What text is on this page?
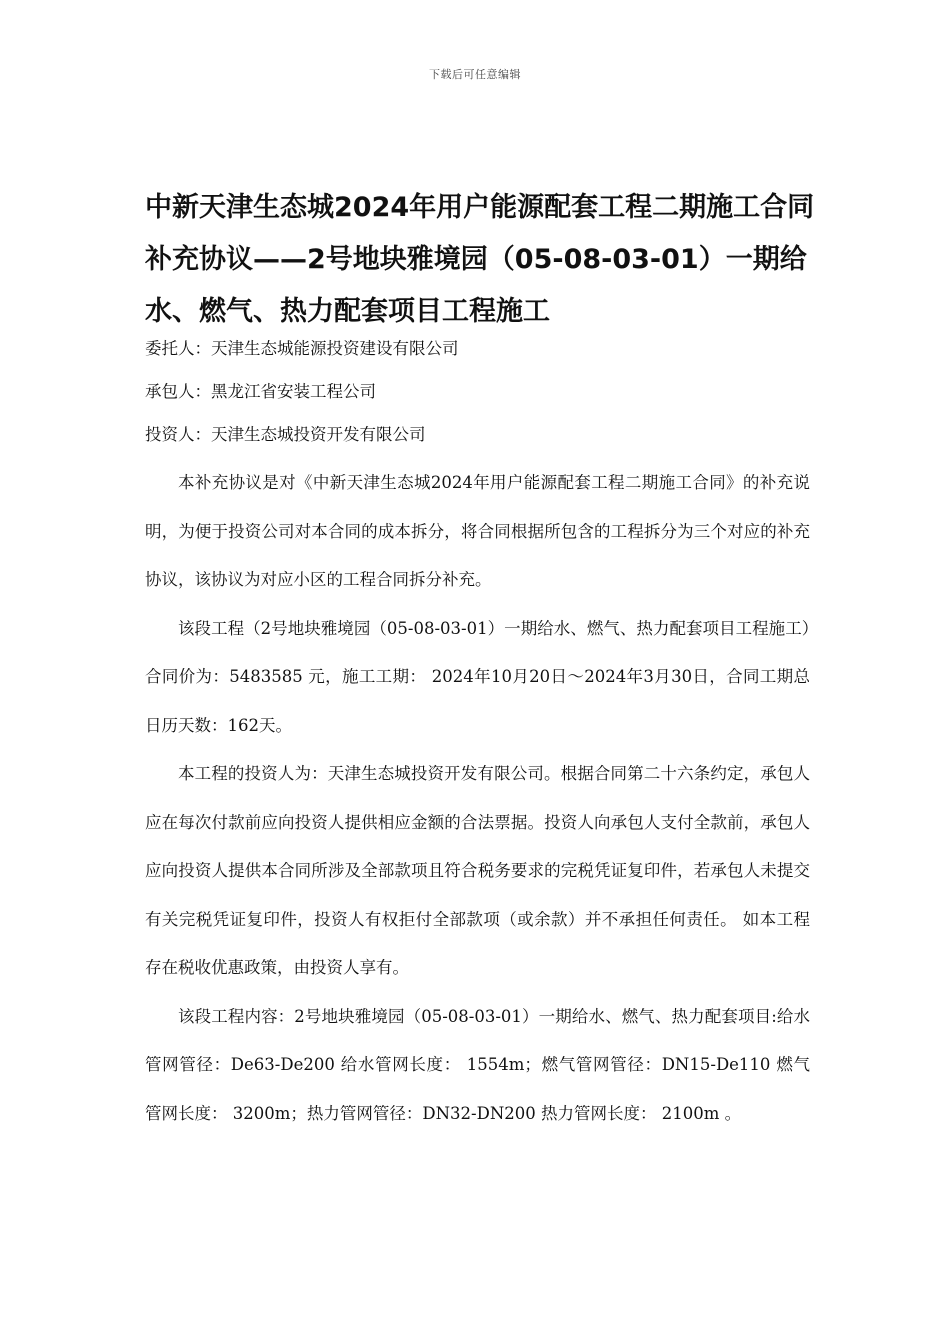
下载后可任意编辑
中新天津生态城2024年用户能源配套工程二期施工合同补充协议——2号地块雅境园（05-08-03-01）一期给水、燃气、热力配套项目工程施工
委托人：天津生态城能源投资建设有限公司
承包人：黑龙江省安装工程公司
投资人：天津生态城投资开发有限公司

本补充协议是对《中新天津生态城2024年用户能源配套工程二期施工合同》的补充说明，为便于投资公司对本合同的成本拆分，将合同根据所包含的工程拆分为三个对应的补充协议，该协议为对应小区的工程合同拆分补充。

该段工程（2号地块雅境园（05-08-03-01）一期给水、燃气、热力配套项目工程施工）合同价为：5483585 元，施工工期： 2024年10月20日～2024年3月30日，合同工期总日历天数：162天。

本工程的投资人为：天津生态城投资开发有限公司。根据合同第二十六条约定，承包人应在每次付款前应向投资人提供相应金额的合法票据。投资人向承包人支付全款前，承包人应向投资人提供本合同所涉及全部款项且符合税务要求的完税凭证复印件，若承包人未提交有关完税凭证复印件，投资人有权拒付全部款项（或余款）并不承担任何责任。 如本工程存在税收优惠政策，由投资人享有。

该段工程内容：2号地块雅境园（05-08-03-01）一期给水、燃气、热力配套项目:给水管网管径：De63-De200 给水管网长度： 1554m；燃气管网管径：DN15-De110 燃气管网长度： 3200m；热力管网管径：DN32-DN200 热力管网长度： 2100m 。
